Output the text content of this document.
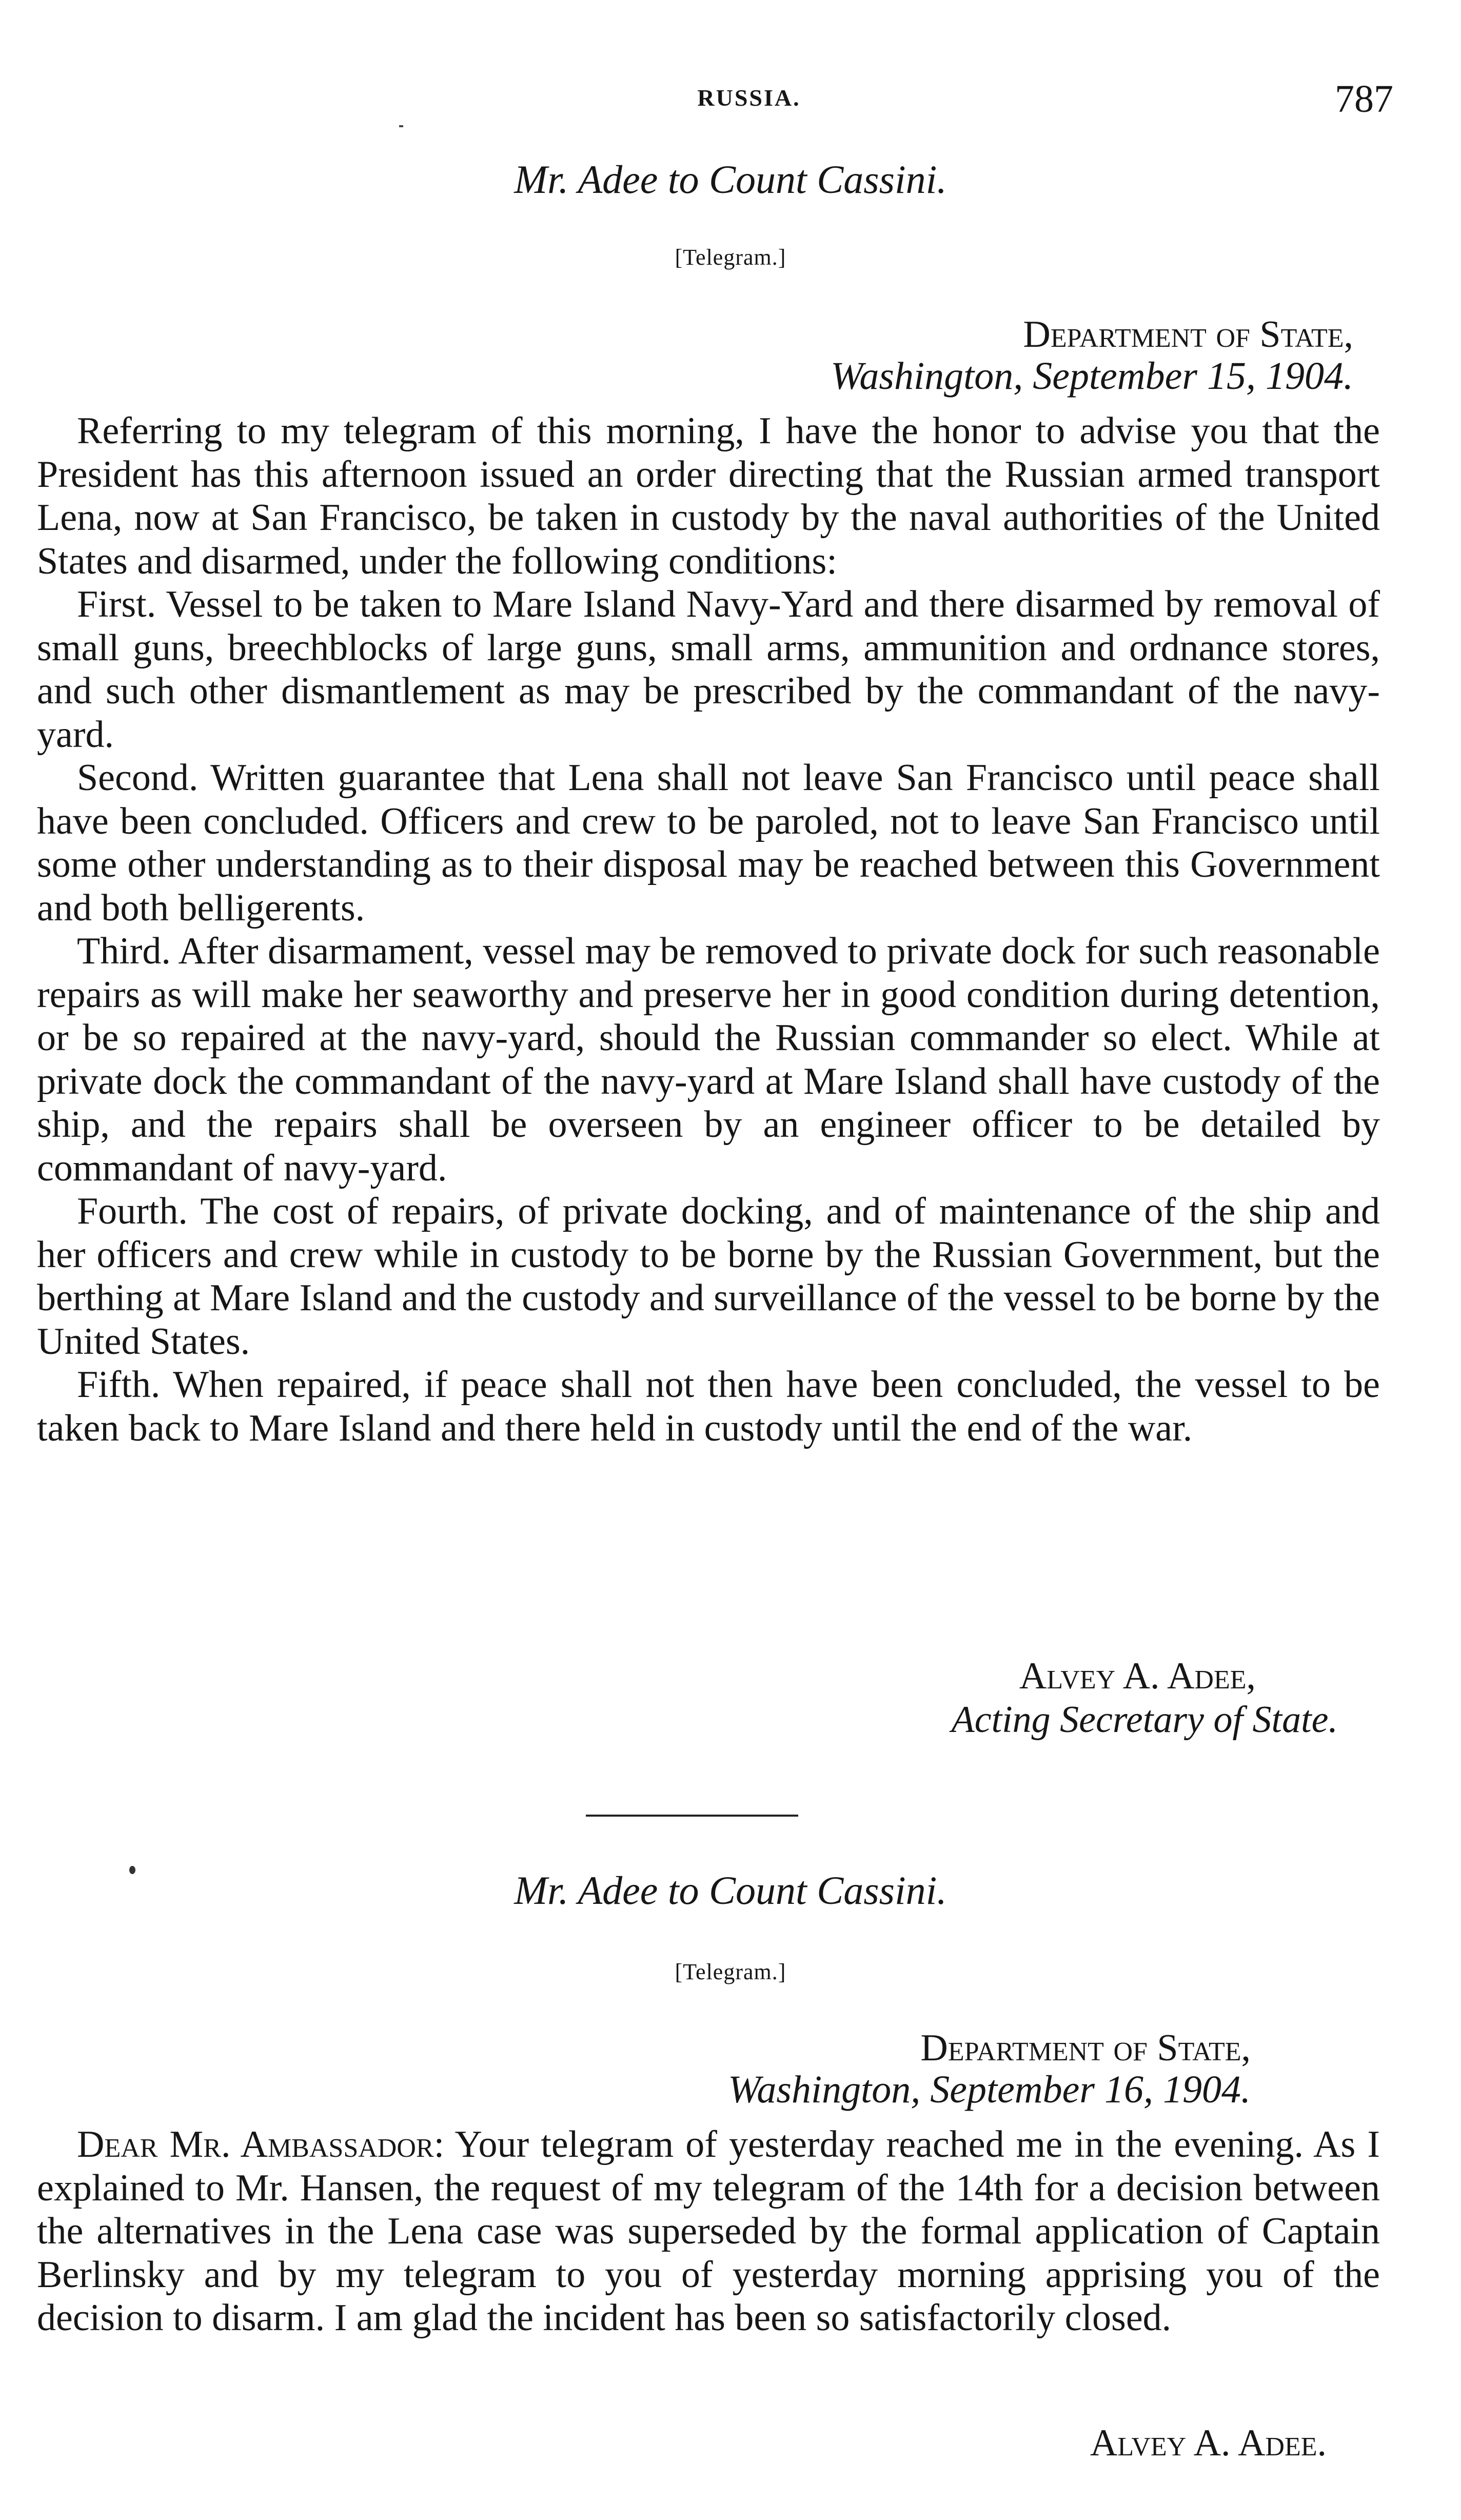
RUSSIA.	787
Mr. Adee to Count Cassini.
[Telegram.]
Department of State,
Washington, September 15, 1904.

Referring to my telegram of this morning, I have the honor to advise you that the President has this afternoon issued an order directing that the Russian armed transport Lena, now at San Francisco, be taken in custody by the naval authorities of the United States and disarmed, under the following conditions:

First. Vessel to be taken to Mare Island Navy-Yard and there disarmed by removal of small guns, breechblocks of large guns, small arms, ammunition and ordnance stores, and such other dismantlement as may be prescribed by the commandant of the navy-yard.

Second. Written guarantee that Lena shall not leave San Francisco until peace shall have been concluded. Officers and crew to be paroled, not to leave San Francisco until some other understanding as to their disposal may be reached between this Government and both belligerents.

Third. After disarmament, vessel may be removed to private dock for such reasonable repairs as will make her seaworthy and preserve her in good condition during detention, or be so repaired at the navy-yard, should the Russian commander so elect. While at private dock the commandant of the navy-yard at Mare Island shall have custody of the ship, and the repairs shall be overseen by an engineer officer to be detailed by commandant of navy-yard.

Fourth. The cost of repairs, of private docking, and of maintenance of the ship and her officers and crew while in custody to be borne by the Russian Government, but the berthing at Mare Island and the custody and surveillance of the vessel to be borne by the United States.

Fifth. When repaired, if peace shall not then have been concluded, the vessel to be taken back to Mare Island and there held in custody until the end of the war.

Alvey A. Adee,
Acting Secretary of State.
Mr. Adee to Count Cassini.
[Telegram.]
Department of State,
Washington, September 16, 1904.

Dear Mr. Ambassador: Your telegram of yesterday reached me in the evening. As I explained to Mr. Hansen, the request of my telegram of the 14th for a decision between the alternatives in the Lena case was superseded by the formal application of Captain Berlinsky and by my telegram to you of yesterday morning apprising you of the decision to disarm. I am glad the incident has been so satisfactorily closed.

Alvey A. Adee.
